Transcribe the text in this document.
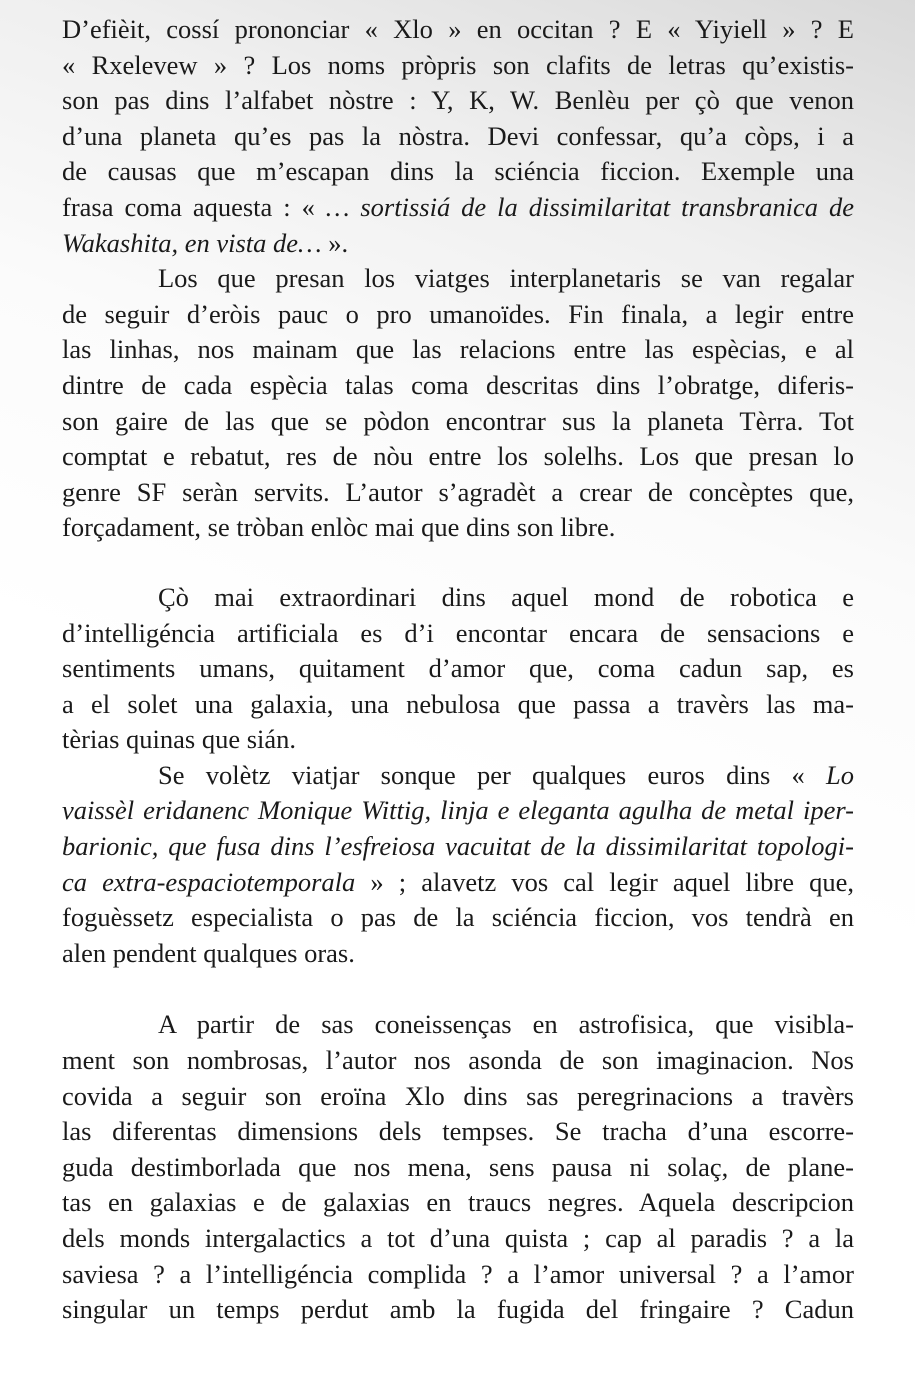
D’efièit, cossí prononciar « Xlo » en occitan ? E « Yiyiell » ? E
« Rxelevew » ? Los noms pròpris son clafits de letras qu’existis-
son pas dins l’alfabet nòstre : Y, K, W. Benlèu per çò que venon
d’una planeta qu’es pas la nòstra. Devi confessar, qu’a còps, i a
de causas que m’escapan dins la sciéncia ficcion. Exemple una
frasa coma aquesta : « … sortissiá de la dissimilaritat transbranica de
Wakashita, en vista de… ».
Los que presan los viatges interplanetaris se van regalar
de seguir d’eròis pauc o pro umanoïdes. Fin finala, a legir entre
las linhas, nos mainam que las relacions entre las espècias, e al
dintre de cada espècia talas coma descritas dins l’obratge, diferis-
son gaire de las que se pòdon encontrar sus la planeta Tèrra. Tot
comptat e rebatut, res de nòu entre los solelhs. Los que presan lo
genre SF seràn servits. L’autor s’agradèt a crear de concèptes que,
forçadament, se tròban enlòc mai que dins son libre.
Çò mai extraordinari dins aquel mond de robotica e
d’intelligéncia artificiala es d’i encontar encara de sensacions e
sentiments umans, quitament d’amor que, coma cadun sap, es
a el solet una galaxia, una nebulosa que passa a travèrs las ma-
tèrias quinas que sián.
Se volètz viatjar sonque per qualques euros dins « Lo
vaissèl eridanenc Monique Wittig, linja e eleganta agulha de metal iper-
barionic, que fusa dins l’esfreiosa vacuitat de la dissimilaritat topologi-
ca extra-espaciotemporala » ; alavetz vos cal legir aquel libre que,
foguèssetz especialista o pas de la sciéncia ficcion, vos tendrà en
alen pendent qualques oras.
A partir de sas coneissenças en astrofisica, que visibla-
ment son nombrosas, l’autor nos asonda de son imaginacion. Nos
covida a seguir son eroïna Xlo dins sas peregrinacions a travèrs
las diferentas dimensions dels tempses. Se tracha d’una escorre-
guda destimborlada que nos mena, sens pausa ni solaç, de plane-
tas en galaxias e de galaxias en traucs negres. Aquela descripcion
dels monds intergalactics a tot d’una quista ; cap al paradis ? a la
saviesa ? a l’intelligéncia complida ? a l’amor universal ? a l’amor
singular un temps perdut amb la fugida del fringaire ? Cadun
